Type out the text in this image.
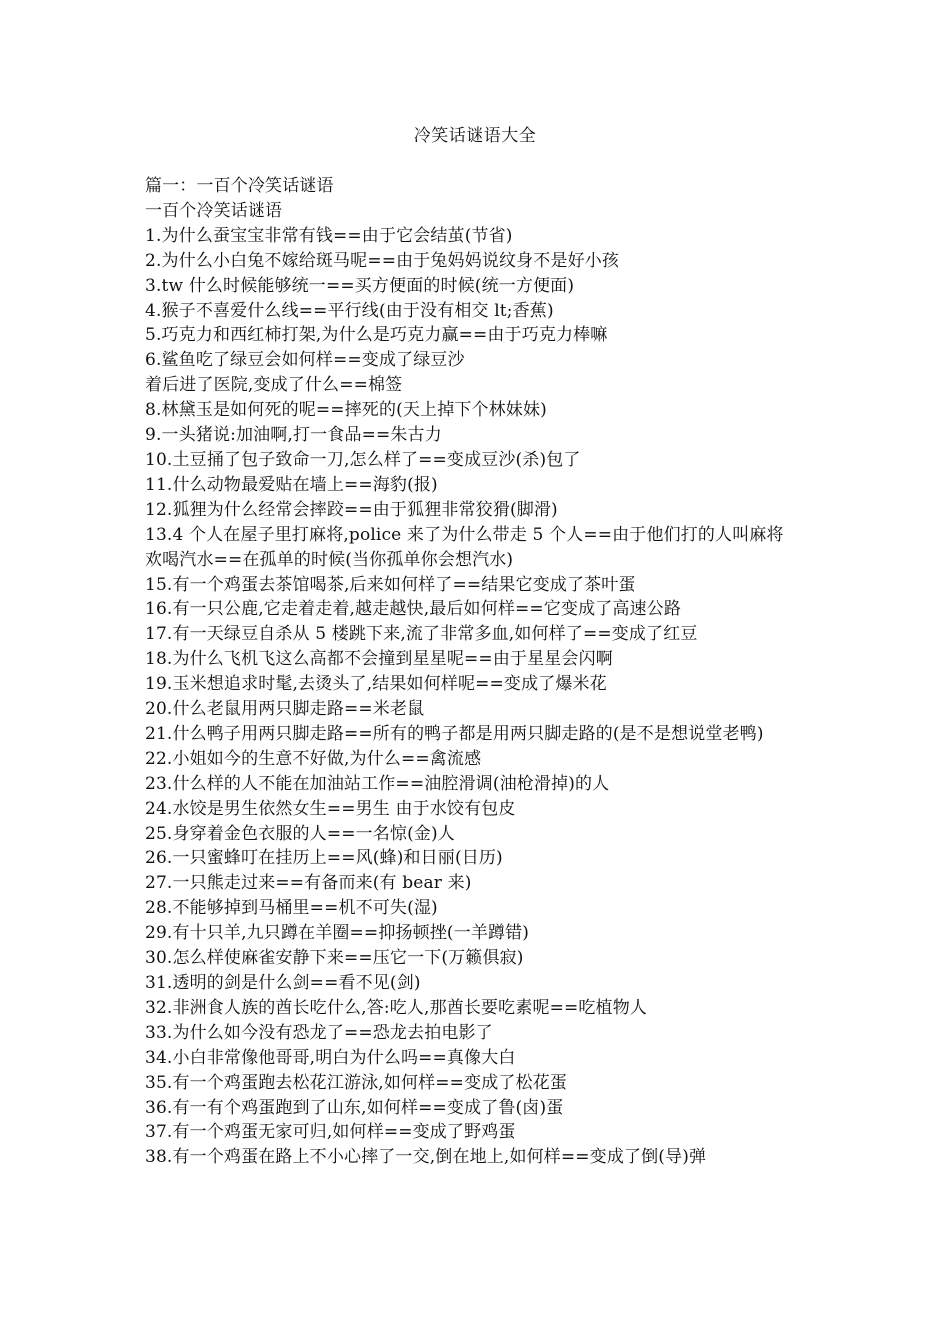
冷笑话谜语大全
篇一：一百个冷笑话谜语
一百个冷笑话谜语
1.为什么蚕宝宝非常有钱==由于它会结茧(节省)
2.为什么小白兔不嫁给斑马呢==由于兔妈妈说纹身不是好小孩
3.tw 什么时候能够统一==买方便面的时候(统一方便面)
4.猴子不喜爱什么线==平行线(由于没有相交 lt;香蕉)
5.巧克力和西红柿打架,为什么是巧克力赢==由于巧克力棒嘛
6.鲨鱼吃了绿豆会如何样==变成了绿豆沙
着后进了医院,变成了什么==棉签
8.林黛玉是如何死的呢==摔死的(天上掉下个林妹妹)
9.一头猪说:加油啊,打一食品==朱古力
10.土豆捅了包子致命一刀,怎么样了==变成豆沙(杀)包了
11.什么动物最爱贴在墙上==海豹(报)
12.狐狸为什么经常会摔跤==由于狐狸非常狡猾(脚滑)
13.4 个人在屋子里打麻将,police 来了为什么带走 5 个人==由于他们打的人叫麻将
欢喝汽水==在孤单的时候(当你孤单你会想汽水)
15.有一个鸡蛋去茶馆喝茶,后来如何样了==结果它变成了茶叶蛋
16.有一只公鹿,它走着走着,越走越快,最后如何样==它变成了高速公路
17.有一天绿豆自杀从 5 楼跳下来,流了非常多血,如何样了==变成了红豆
18.为什么飞机飞这么高都不会撞到星星呢==由于星星会闪啊
19.玉米想追求时髦,去烫头了,结果如何样呢==变成了爆米花
20.什么老鼠用两只脚走路==米老鼠
21.什么鸭子用两只脚走路==所有的鸭子都是用两只脚走路的(是不是想说堂老鸭)
22.小姐如今的生意不好做,为什么==禽流感
23.什么样的人不能在加油站工作==油腔滑调(油枪滑掉)的人
24.水饺是男生依然女生==男生 由于水饺有包皮
25.身穿着金色衣服的人==一名惊(金)人
26.一只蜜蜂叮在挂历上==风(蜂)和日丽(日历)
27.一只熊走过来==有备而来(有 bear 来)
28.不能够掉到马桶里==机不可失(湿)
29.有十只羊,九只蹲在羊圈==抑扬顿挫(一羊蹲错)
30.怎么样使麻雀安静下来==压它一下(万籁俱寂)
31.透明的剑是什么剑==看不见(剑)
32.非洲食人族的酋长吃什么,答:吃人,那酋长要吃素呢==吃植物人
33.为什么如今没有恐龙了==恐龙去拍电影了
34.小白非常像他哥哥,明白为什么吗==真像大白
35.有一个鸡蛋跑去松花江游泳,如何样==变成了松花蛋
36.有一有个鸡蛋跑到了山东,如何样==变成了鲁(卤)蛋
37.有一个鸡蛋无家可归,如何样==变成了野鸡蛋
38.有一个鸡蛋在路上不小心摔了一交,倒在地上,如何样==变成了倒(导)弹
